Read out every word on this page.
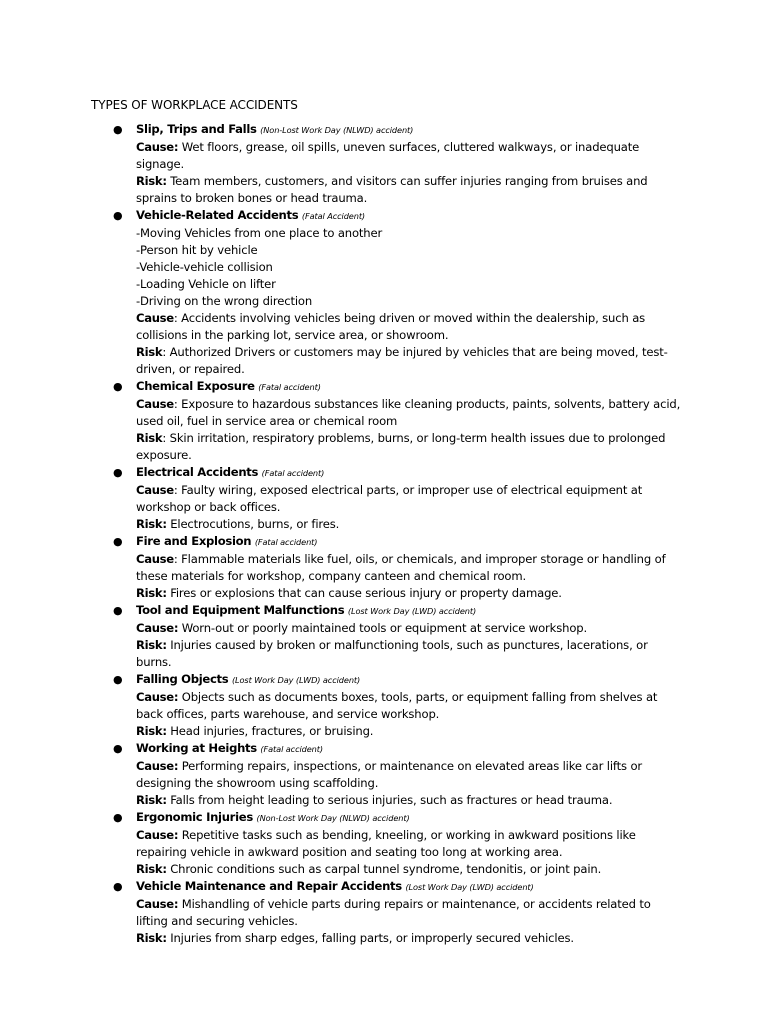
TYPES OF WORKPLACE ACCIDENTS
● Slip, Trips and Falls (Non-Lost Work Day (NLWD) accident)
Cause: Wet floors, grease, oil spills, uneven surfaces, cluttered walkways, or inadequate signage.
Risk: Team members, customers, and visitors can suffer injuries ranging from bruises and sprains to broken bones or head trauma.
● Vehicle-Related Accidents (Fatal Accident)
-Moving Vehicles from one place to another
-Person hit by vehicle
-Vehicle-vehicle collision
-Loading Vehicle on lifter
-Driving on the wrong direction
Cause: Accidents involving vehicles being driven or moved within the dealership, such as collisions in the parking lot, service area, or showroom.
Risk: Authorized Drivers or customers may be injured by vehicles that are being moved, test-driven, or repaired.
● Chemical Exposure (Fatal accident)
Cause: Exposure to hazardous substances like cleaning products, paints, solvents, battery acid, used oil, fuel in service area or chemical room
Risk: Skin irritation, respiratory problems, burns, or long-term health issues due to prolonged exposure.
● Electrical Accidents (Fatal accident)
Cause: Faulty wiring, exposed electrical parts, or improper use of electrical equipment at workshop or back offices.
Risk: Electrocutions, burns, or fires.
● Fire and Explosion (Fatal accident)
Cause: Flammable materials like fuel, oils, or chemicals, and improper storage or handling of these materials for workshop, company canteen and chemical room.
Risk: Fires or explosions that can cause serious injury or property damage.
● Tool and Equipment Malfunctions (Lost Work Day (LWD) accident)
Cause: Worn-out or poorly maintained tools or equipment at service workshop.
Risk: Injuries caused by broken or malfunctioning tools, such as punctures, lacerations, or burns.
● Falling Objects (Lost Work Day (LWD) accident)
Cause: Objects such as documents boxes, tools, parts, or equipment falling from shelves at back offices, parts warehouse, and service workshop.
Risk: Head injuries, fractures, or bruising.
● Working at Heights (Fatal accident)
Cause: Performing repairs, inspections, or maintenance on elevated areas like car lifts or designing the showroom using scaffolding.
Risk: Falls from height leading to serious injuries, such as fractures or head trauma.
● Ergonomic Injuries (Non-Lost Work Day (NLWD) accident)
Cause: Repetitive tasks such as bending, kneeling, or working in awkward positions like repairing vehicle in awkward position and seating too long at working area.
Risk: Chronic conditions such as carpal tunnel syndrome, tendonitis, or joint pain.
● Vehicle Maintenance and Repair Accidents (Lost Work Day (LWD) accident)
Cause: Mishandling of vehicle parts during repairs or maintenance, or accidents related to lifting and securing vehicles.
Risk: Injuries from sharp edges, falling parts, or improperly secured vehicles.
